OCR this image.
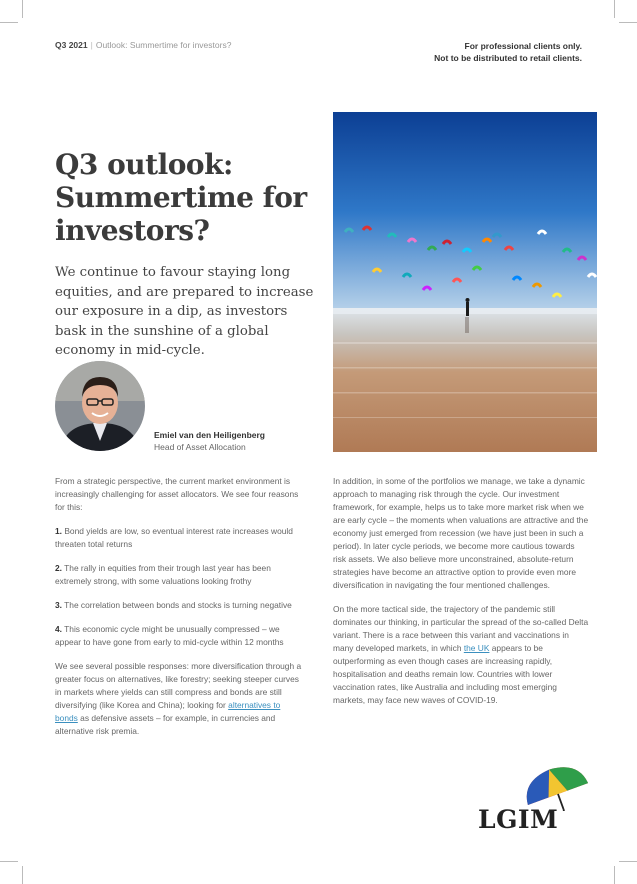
Q3 2021 | Outlook: Summertime for investors?	For professional clients only.
Not to be distributed to retail clients.
Q3 outlook: Summertime for investors?

We continue to favour staying long equities, and are prepared to increase our exposure in a dip, as investors bask in the sunshine of a global economy in mid-cycle.

Emiel van den Heiligenberg
Head of Asset Allocation

From a strategic perspective, the current market environment is increasingly challenging for asset allocators. We see four reasons for this:

1. Bond yields are low, so eventual interest rate increases would threaten total returns

2. The rally in equities from their trough last year has been extremely strong, with some valuations looking frothy

3. The correlation between bonds and stocks is turning negative

4. This economic cycle might be unusually compressed – we appear to have gone from early to mid-cycle within 12 months

We see several possible responses: more diversification through a greater focus on alternatives, like forestry; seeking steeper curves in markets where yields can still compress and bonds are still diversifying (like Korea and China); looking for alternatives to bonds as defensive assets – for example, in currencies and alternative risk premia.

In addition, in some of the portfolios we manage, we take a dynamic approach to managing risk through the cycle. Our investment framework, for example, helps us to take more market risk when we are early cycle – the moments when valuations are attractive and the economy just emerged from recession (we have just been in such a period). In later cycle periods, we become more cautious towards risk assets. We also believe more unconstrained, absolute-return strategies have become an attractive option to provide even more diversification in navigating the four mentioned challenges.

On the more tactical side, the trajectory of the pandemic still dominates our thinking, in particular the spread of the so-called Delta variant. There is a race between this variant and vaccinations in many developed markets, in which the UK appears to be outperforming as even though cases are increasing rapidly, hospitalisation and deaths remain low. Countries with lower vaccination rates, like Australia and including most emerging markets, may face new waves of COVID-19.

LGIM
